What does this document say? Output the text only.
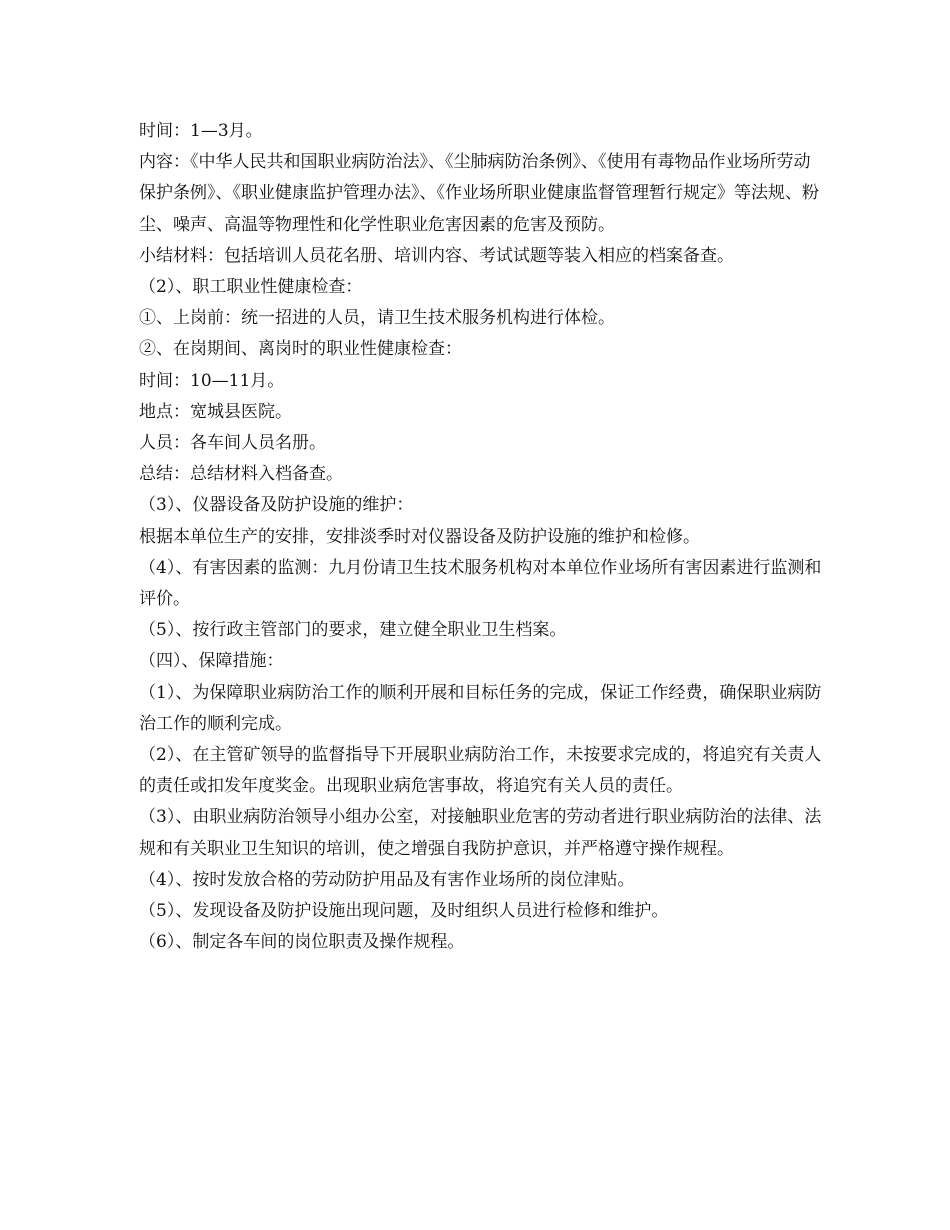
时间：1—3月。

内容：《中华人民共和国职业病防治法》、《尘肺病防治条例》、《使用有毒物品作业场所劳动保护条例》、《职业健康监护管理办法》、《作业场所职业健康监督管理暂行规定》等法规、粉尘、噪声、高温等物理性和化学性职业危害因素的危害及预防。

小结材料：包括培训人员花名册、培训内容、考试试题等装入相应的档案备查。

（2）、职工职业性健康检查：

①、上岗前：统一招进的人员，请卫生技术服务机构进行体检。

②、在岗期间、离岗时的职业性健康检查：

时间：10—11月。

地点：宽城县医院。

人员：各车间人员名册。

总结：总结材料入档备查。

（3）、仪器设备及防护设施的维护：

根据本单位生产的安排，安排淡季时对仪器设备及防护设施的维护和检修。

（4）、有害因素的监测：九月份请卫生技术服务机构对本单位作业场所有害因素进行监测和评价。

（5）、按行政主管部门的要求，建立健全职业卫生档案。

（四）、保障措施：

（1）、为保障职业病防治工作的顺利开展和目标任务的完成，保证工作经费，确保职业病防治工作的顺利完成。

（2）、在主管矿领导的监督指导下开展职业病防治工作，未按要求完成的，将追究有关责人的责任或扣发年度奖金。出现职业病危害事故，将追究有关人员的责任。

（3）、由职业病防治领导小组办公室，对接触职业危害的劳动者进行职业病防治的法律、法规和有关职业卫生知识的培训，使之增强自我防护意识，并严格遵守操作规程。

（4）、按时发放合格的劳动防护用品及有害作业场所的岗位津贴。

（5）、发现设备及防护设施出现问题，及时组织人员进行检修和维护。

（6）、制定各车间的岗位职责及操作规程。
